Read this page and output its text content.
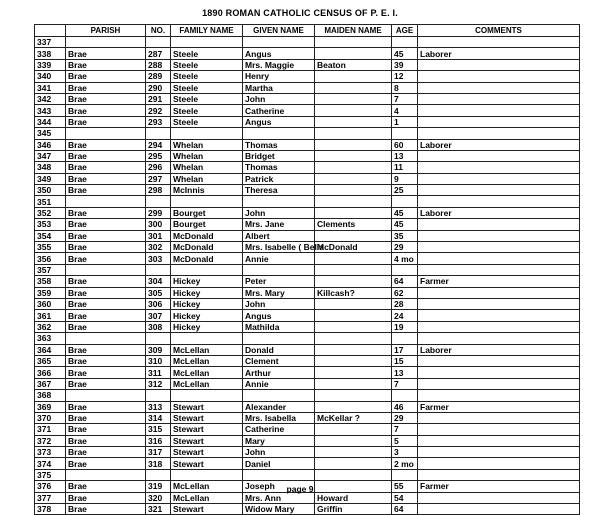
1890 ROMAN CATHOLIC CENSUS OF P. E. I.
	PARISH	NO.	FAMILY NAME	GIVEN NAME	MAIDEN NAME	AGE	COMMENTS
337							
338	Brae	287	Steele	Angus		45	Laborer
339	Brae	288	Steele	Mrs. Maggie	Beaton	39	
340	Brae	289	Steele	Henry		12	
341	Brae	290	Steele	Martha		8	
342	Brae	291	Steele	John		7	
343	Brae	292	Steele	Catherine		4	
344	Brae	293	Steele	Angus		1	
345							
346	Brae	294	Whelan	Thomas		60	Laborer
347	Brae	295	Whelan	Bridget		13	
348	Brae	296	Whelan	Thomas		11	
349	Brae	297	Whelan	Patrick		9	
350	Brae	298	McInnis	Theresa		25	
351							
352	Brae	299	Bourget	John		45	Laborer
353	Brae	300	Bourget	Mrs. Jane	Clements	45	
354	Brae	301	McDonald	Albert		35	
355	Brae	302	McDonald	Mrs. Isabelle ( Bella	McDonald	29	
356	Brae	303	McDonald	Annie		4 mo	
357							
358	Brae	304	Hickey	Peter		64	Farmer
359	Brae	305	Hickey	Mrs. Mary	Killcash?	62	
360	Brae	306	Hickey	John		28	
361	Brae	307	Hickey	Angus		24	
362	Brae	308	Hickey	Mathilda		19	
363							
364	Brae	309	McLellan	Donald		17	Laborer
365	Brae	310	McLellan	Clement		15	
366	Brae	311	McLellan	Arthur		13	
367	Brae	312	McLellan	Annie		7	
368							
369	Brae	313	Stewart	Alexander		46	Farmer
370	Brae	314	Stewart	Mrs. Isabella	McKellar ?	29	
371	Brae	315	Stewart	Catherine		7	
372	Brae	316	Stewart	Mary		5	
373	Brae	317	Stewart	John		3	
374	Brae	318	Stewart	Daniel		2 mo	
375							
376	Brae	319	McLellan	Joseph		55	Farmer
377	Brae	320	McLellan	Mrs. Ann	Howard	54	
378	Brae	321	Stewart	Widow Mary	Griffin	64	
page 9
